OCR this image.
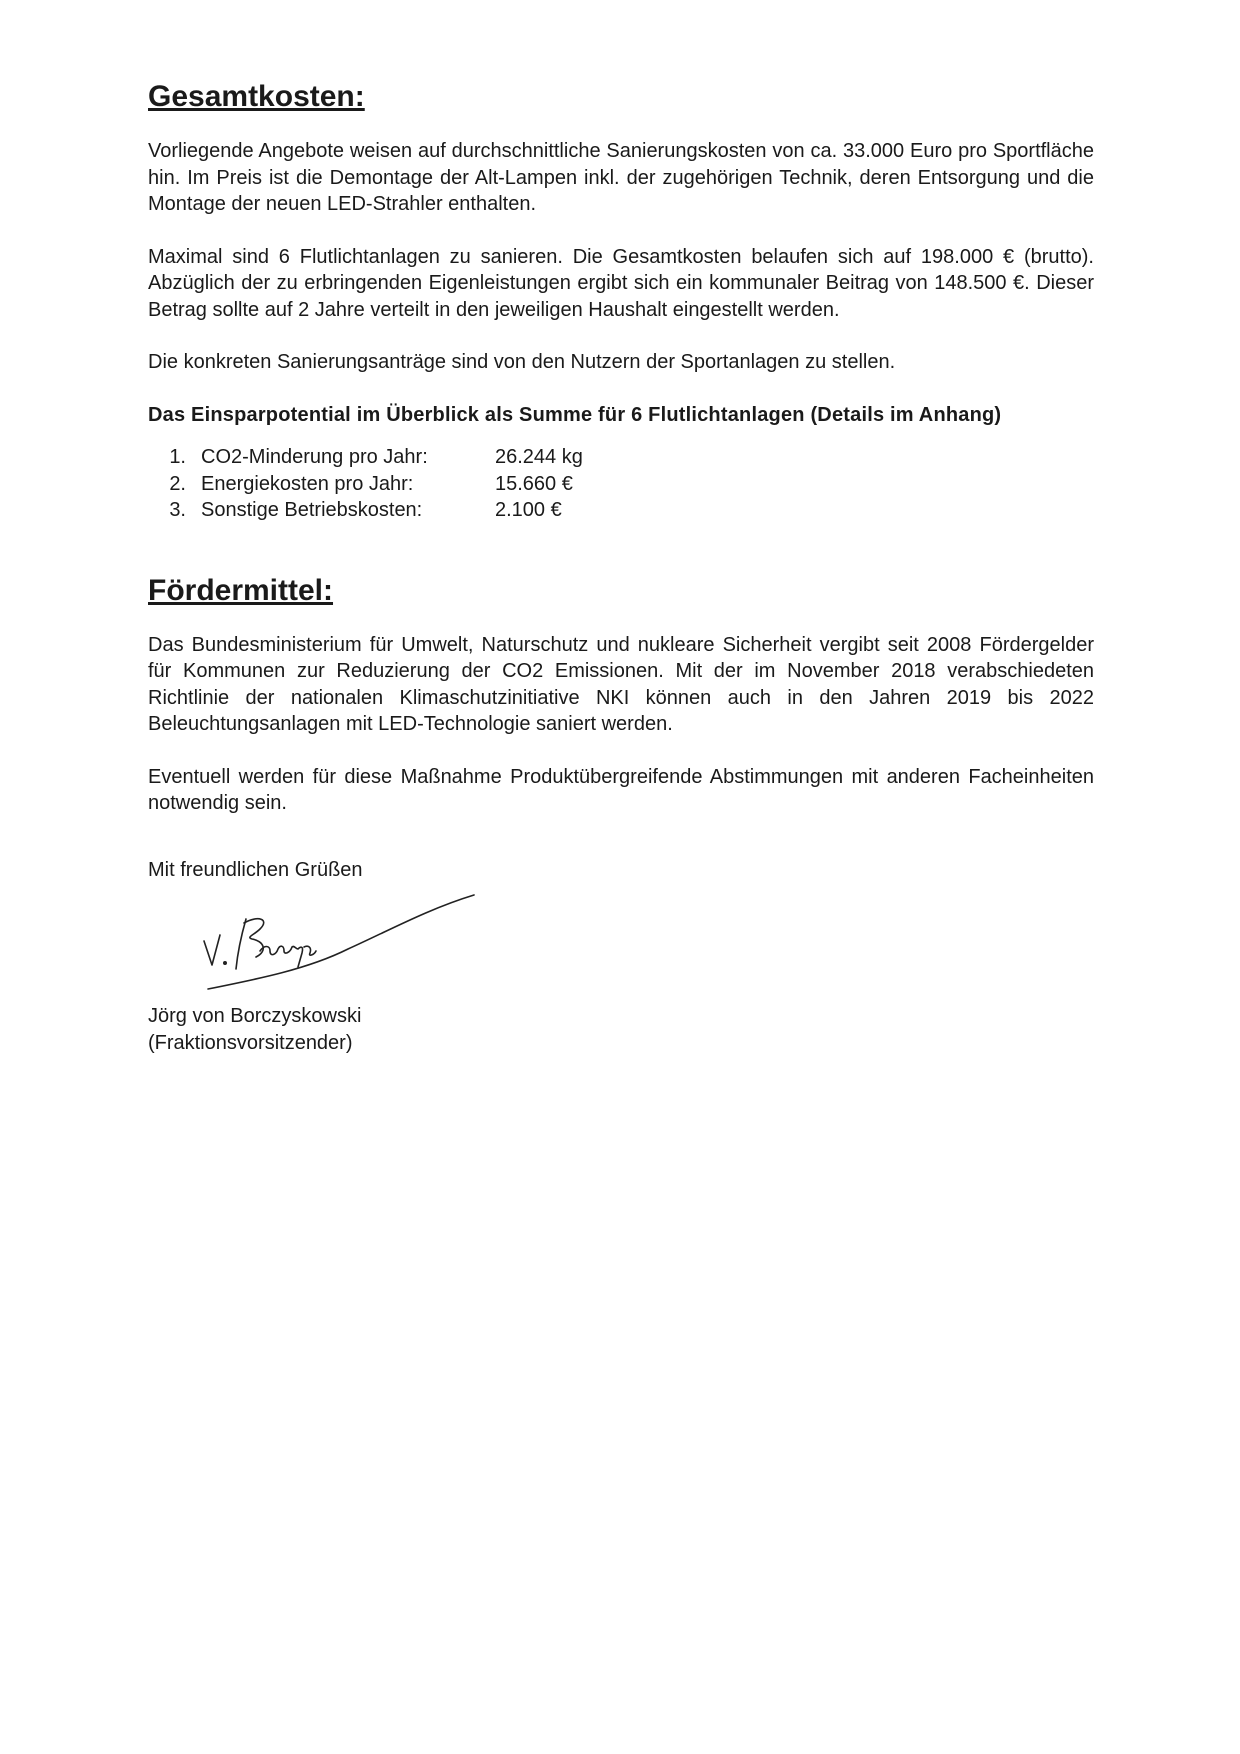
Gesamtkosten:

Vorliegende Angebote weisen auf durchschnittliche Sanierungskosten von ca. 33.000 Euro pro Sportfläche hin. Im Preis ist die Demontage der Alt-Lampen inkl. der zugehörigen Technik, deren Entsorgung und die Montage der neuen LED-Strahler enthalten.

Maximal sind 6 Flutlichtanlagen zu sanieren. Die Gesamtkosten belaufen sich auf 198.000 € (brutto). Abzüglich der zu erbringenden Eigenleistungen ergibt sich ein kommunaler Beitrag von 148.500 €. Dieser Betrag sollte auf 2 Jahre verteilt in den jeweiligen Haushalt eingestellt werden.

Die konkreten Sanierungsanträge sind von den Nutzern der Sportanlagen zu stellen.

Das Einsparpotential im Überblick als Summe für 6 Flutlichtanlagen (Details im Anhang)

1. CO2-Minderung pro Jahr:	26.244 kg
2. Energiekosten pro Jahr:	15.660 €
3. Sonstige Betriebskosten:	2.100 €
Fördermittel:

Das Bundesministerium für Umwelt, Naturschutz und nukleare Sicherheit vergibt seit 2008 Fördergelder für Kommunen zur Reduzierung der CO2 Emissionen. Mit der im November 2018 verabschiedeten Richtlinie der nationalen Klimaschutzinitiative NKI können auch in den Jahren 2019 bis 2022 Beleuchtungsanlagen mit LED-Technologie saniert werden.

Eventuell werden für diese Maßnahme Produktübergreifende Abstimmungen mit anderen Facheinheiten notwendig sein.

Mit freundlichen Grüßen

Jörg von Borczyskowski

(Fraktionsvorsitzender)
